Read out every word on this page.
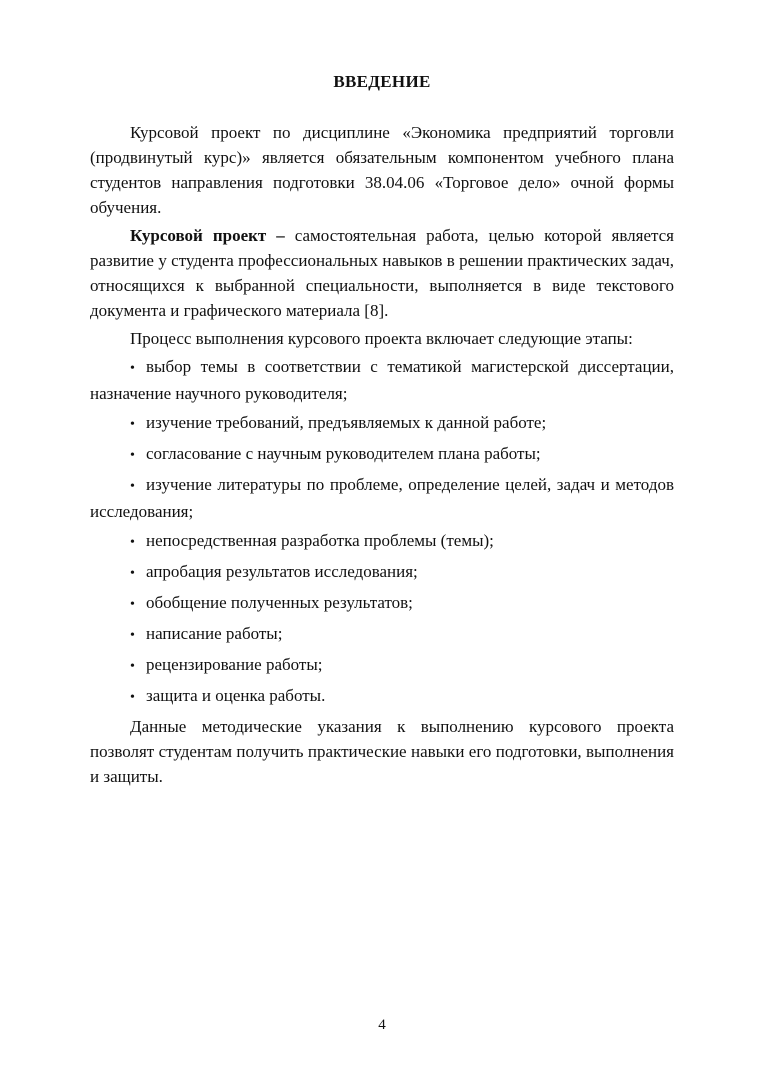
ВВЕДЕНИЕ

Курсовой проект по дисциплине «Экономика предприятий торговли (продвинутый курс)» является обязательным компонентом учебного плана студентов направления подготовки 38.04.06 «Торговое дело» очной формы обучения.

Курсовой проект – самостоятельная работа, целью которой является развитие у студента профессиональных навыков в решении практических задач, относящихся к выбранной специальности, выполняется в виде текстового документа и графического материала [8].

Процесс выполнения курсового проекта включает следующие этапы:

• выбор темы в соответствии с тематикой магистерской диссертации, назначение научного руководителя;
• изучение требований, предъявляемых к данной работе;
• согласование с научным руководителем плана работы;
• изучение литературы по проблеме, определение целей, задач и методов исследования;
• непосредственная разработка проблемы (темы);
• апробация результатов исследования;
• обобщение полученных результатов;
• написание работы;
• рецензирование работы;
• защита и оценка работы.

Данные методические указания к выполнению курсового проекта позволят студентам получить практические навыки его подготовки, выполнения и защиты.

4
